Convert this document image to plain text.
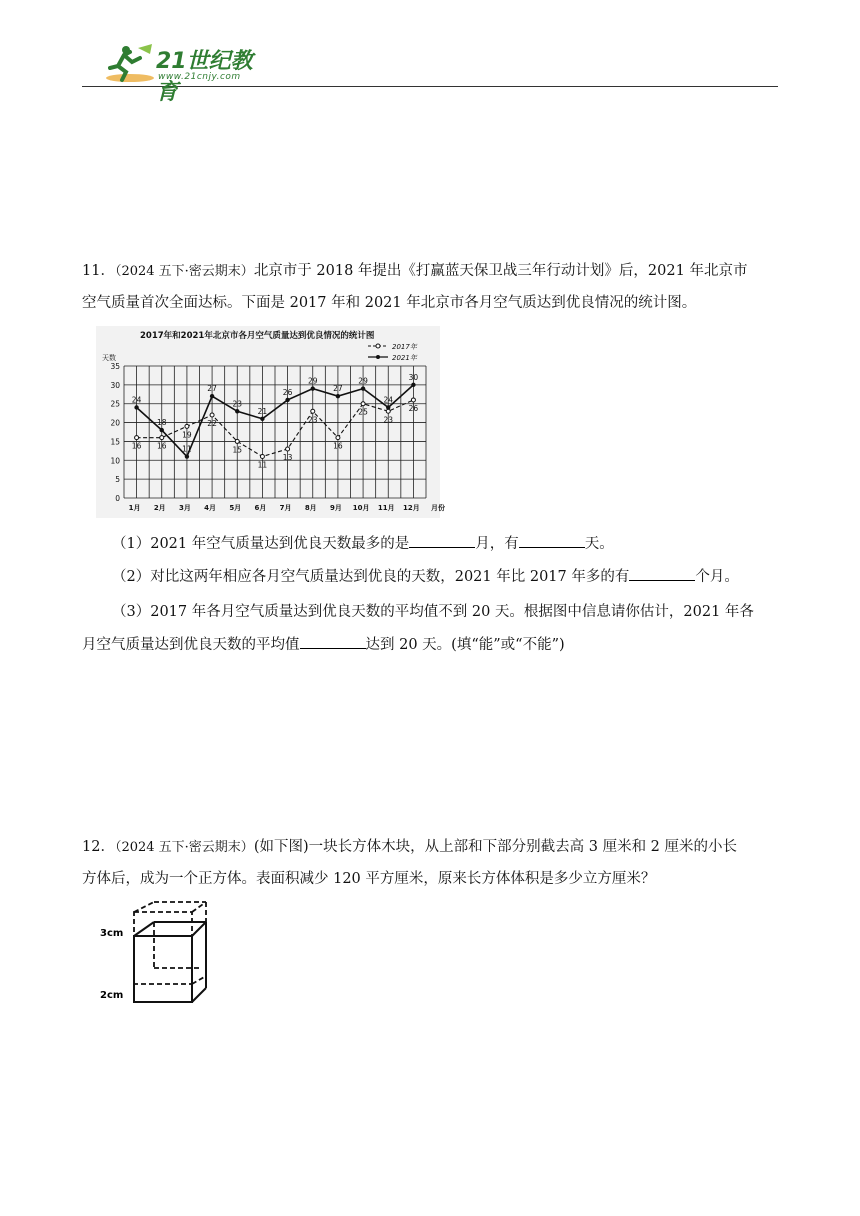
21世纪教育
www.21cnjy.com

11．（2024 五下·密云期末）北京市于 2018 年提出《打赢蓝天保卫战三年行动计划》后，2021 年北京市

空气质量首次全面达标。下面是 2017 年和 2021 年北京市各月空气质达到优良情况的统计图。

2017年和2021年北京市各月空气质量达到优良情况的统计图
天数
0
5
10
15
20
25
30
35
1月 2月 3月 4月 5月 6月 7月 8月 9月 10月 11月 12月 月份
2017年
2021年
16 16
19
22
15
11
13
23
16
25
23
26
24
18
11
27
23
21
26
29
27
29
24
30

（1）2021 年空气质量达到优良天数最多的是	月，有	天。

（2）对比这两年相应各月空气质量达到优良的天数，2021 年比 2017 年多的有	个月。

（3）2017 年各月空气质量达到优良天数的平均值不到 20 天。根据图中信息请你估计，2021 年各

月空气质量达到优良天数的平均值	达到 20 天。(填“能”或“不能”)

12．（2024 五下·密云期末）(如下图)一块长方体木块，从上部和下部分别截去高 3 厘米和 2 厘米的小长

方体后，成为一个正方体。表面积减少 120 平方厘米，原来长方体体积是多少立方厘米？

3cm
2cm
